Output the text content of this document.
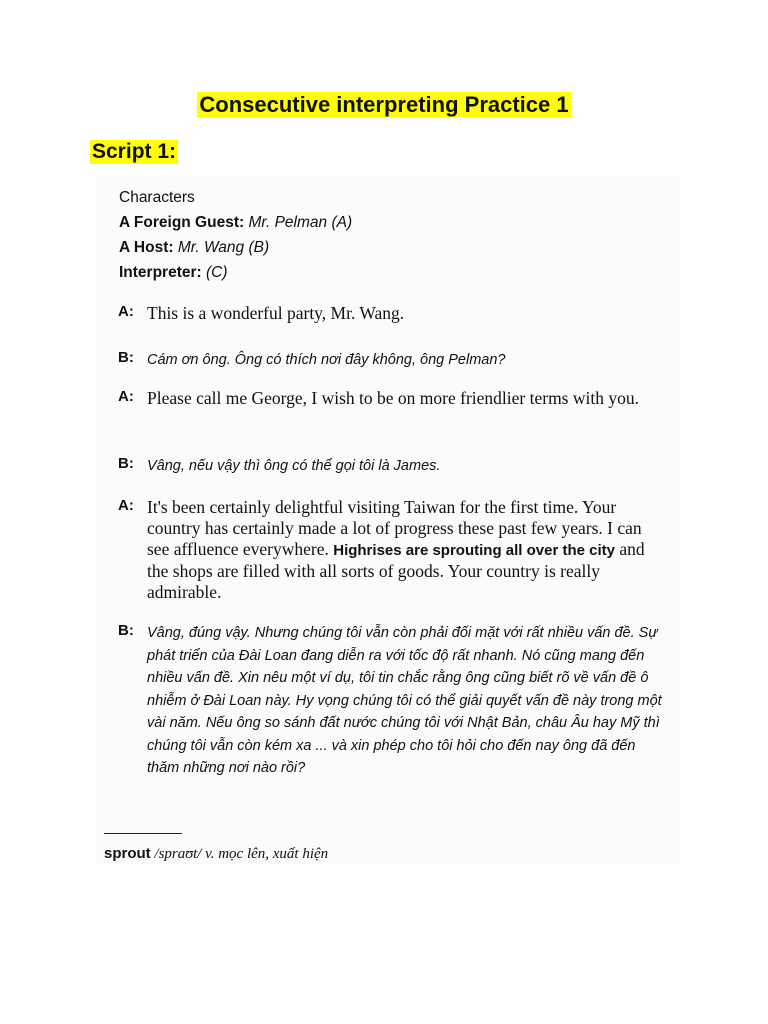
Consecutive interpreting Practice 1
Script 1:
Characters
A Foreign Guest: Mr. Pelman (A)
A Host: Mr. Wang (B)
Interpreter: (C)
A: This is a wonderful party, Mr. Wang.
B: Cám ơn ông. Ông có thích nơi đây không, ông Pelman?
A: Please call me George, I wish to be on more friendlier terms with you.
B: Vâng, nếu vậy thì ông có thể gọi tôi là James.
A: It's been certainly delightful visiting Taiwan for the first time. Your country has certainly made a lot of progress these past few years. I can see affluence everywhere. Highrises are sprouting all over the city and the shops are filled with all sorts of goods. Your country is really admirable.
B: Vâng, đúng vậy. Nhưng chúng tôi vẫn còn phải đối mặt với rất nhiều vấn đề. Sự phát triển của Đài Loan đang diễn ra với tốc độ rất nhanh. Nó cũng mang đến nhiều vấn đề. Xin nêu một ví dụ, tôi tin chắc rằng ông cũng biết rõ về vấn đề ô nhiễm ở Đài Loan này. Hy vọng chúng tôi có thể giải quyết vấn đề này trong một vài năm. Nếu ông so sánh đất nước chúng tôi với Nhật Bản, châu Âu hay Mỹ thì chúng tôi vẫn còn kém xa ... và xin phép cho tôi hỏi cho đến nay ông đã đến thăm những nơi nào rồi?
sprout /spraʊt/ v. mọc lên, xuất hiện
